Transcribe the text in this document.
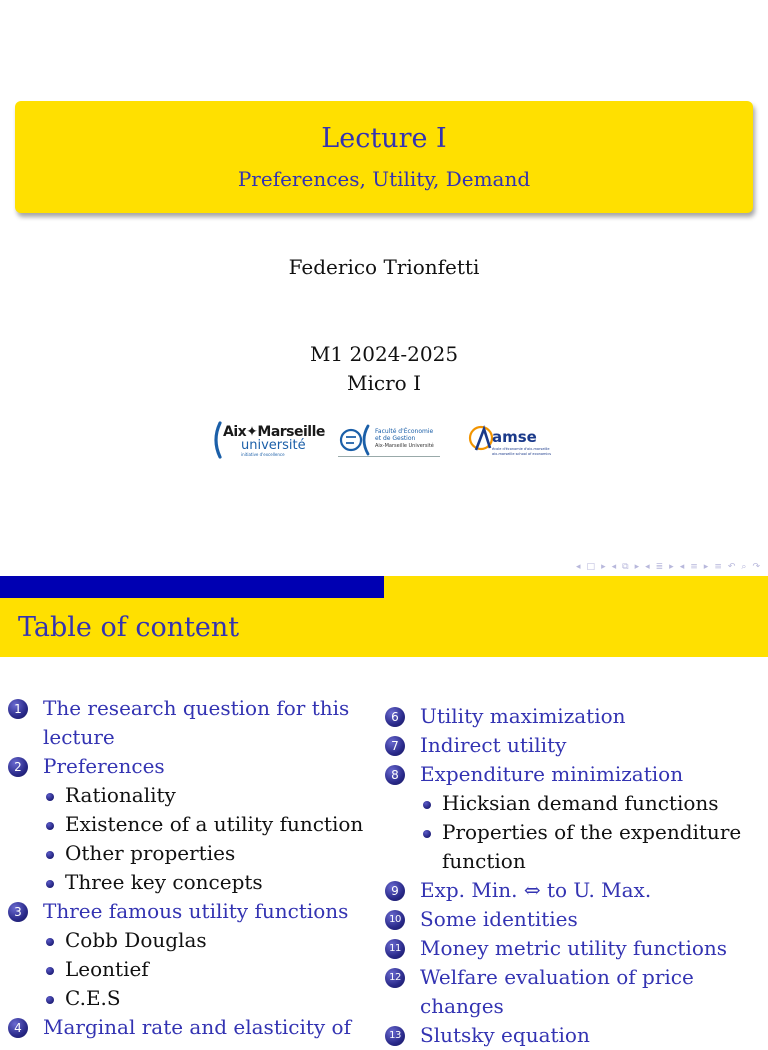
Lecture I
Preferences, Utility, Demand
Federico Trionfetti
M1 2024-2025
Micro I
Aix✦Marseille
université
initiative d'excellence
Faculté d'Économie
et de Gestion
Aix-Marseille Université	amse
école d'économie d'aix-marseille
aix-marseille school of economics
◂ □ ▸ ◂ ⧉ ▸ ◂ ≣ ▸ ◂ ≡ ▸ ≡ ↶ ⌕ ↷
Table of content
1	The research question for this lecture
2	Preferences
Rationality
Existence of a utility function
Other properties
Three key concepts
3	Three famous utility functions
Cobb Douglas
Leontief
C.E.S
4	Marginal rate and elasticity of
6	Utility maximization
7	Indirect utility
8	Expenditure minimization
Hicksian demand functions
Properties of the expenditure function
9	Exp. Min. ⇔ to U. Max.
10 Some identities
11 Money metric utility functions
12 Welfare evaluation of price changes
13 Slutsky equation
